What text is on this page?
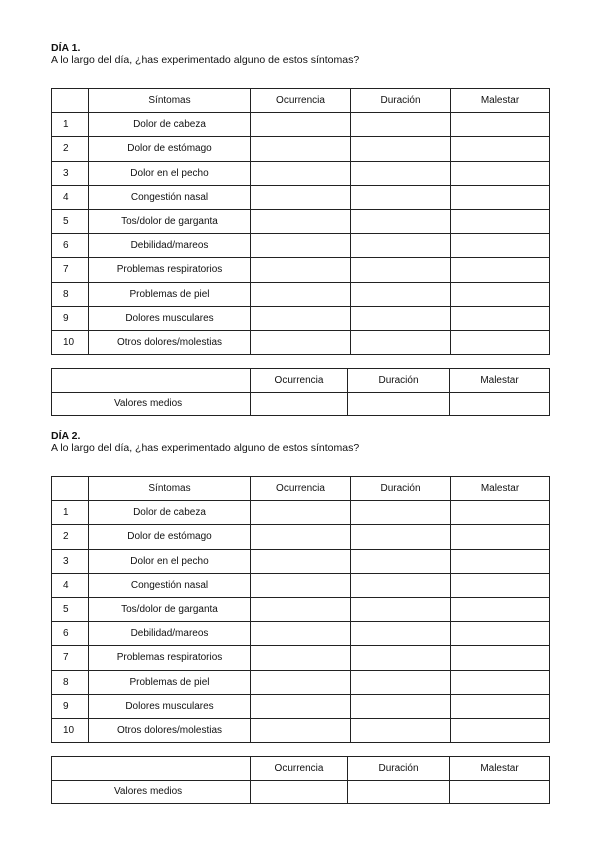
DÍA 1.

A lo largo del día, ¿has experimentado alguno de estos síntomas?

	Síntomas	Ocurrencia	Duración	Malestar
1	Dolor de cabeza			
2	Dolor de estómago			
3	Dolor en el pecho			
4	Congestión nasal			
5	Tos/dolor de garganta			
6	Debilidad/mareos			
7	Problemas respiratorios			
8	Problemas de piel			
9	Dolores musculares			
10	Otros dolores/molestias			
	Ocurrencia	Duración	Malestar
Valores medios			

DÍA 2.

A lo largo del día, ¿has experimentado alguno de estos síntomas?

	Síntomas	Ocurrencia	Duración	Malestar
1	Dolor de cabeza			
2	Dolor de estómago			
3	Dolor en el pecho			
4	Congestión nasal			
5	Tos/dolor de garganta			
6	Debilidad/mareos			
7	Problemas respiratorios			
8	Problemas de piel			
9	Dolores musculares			
10	Otros dolores/molestias			
	Ocurrencia	Duración	Malestar
Valores medios			
